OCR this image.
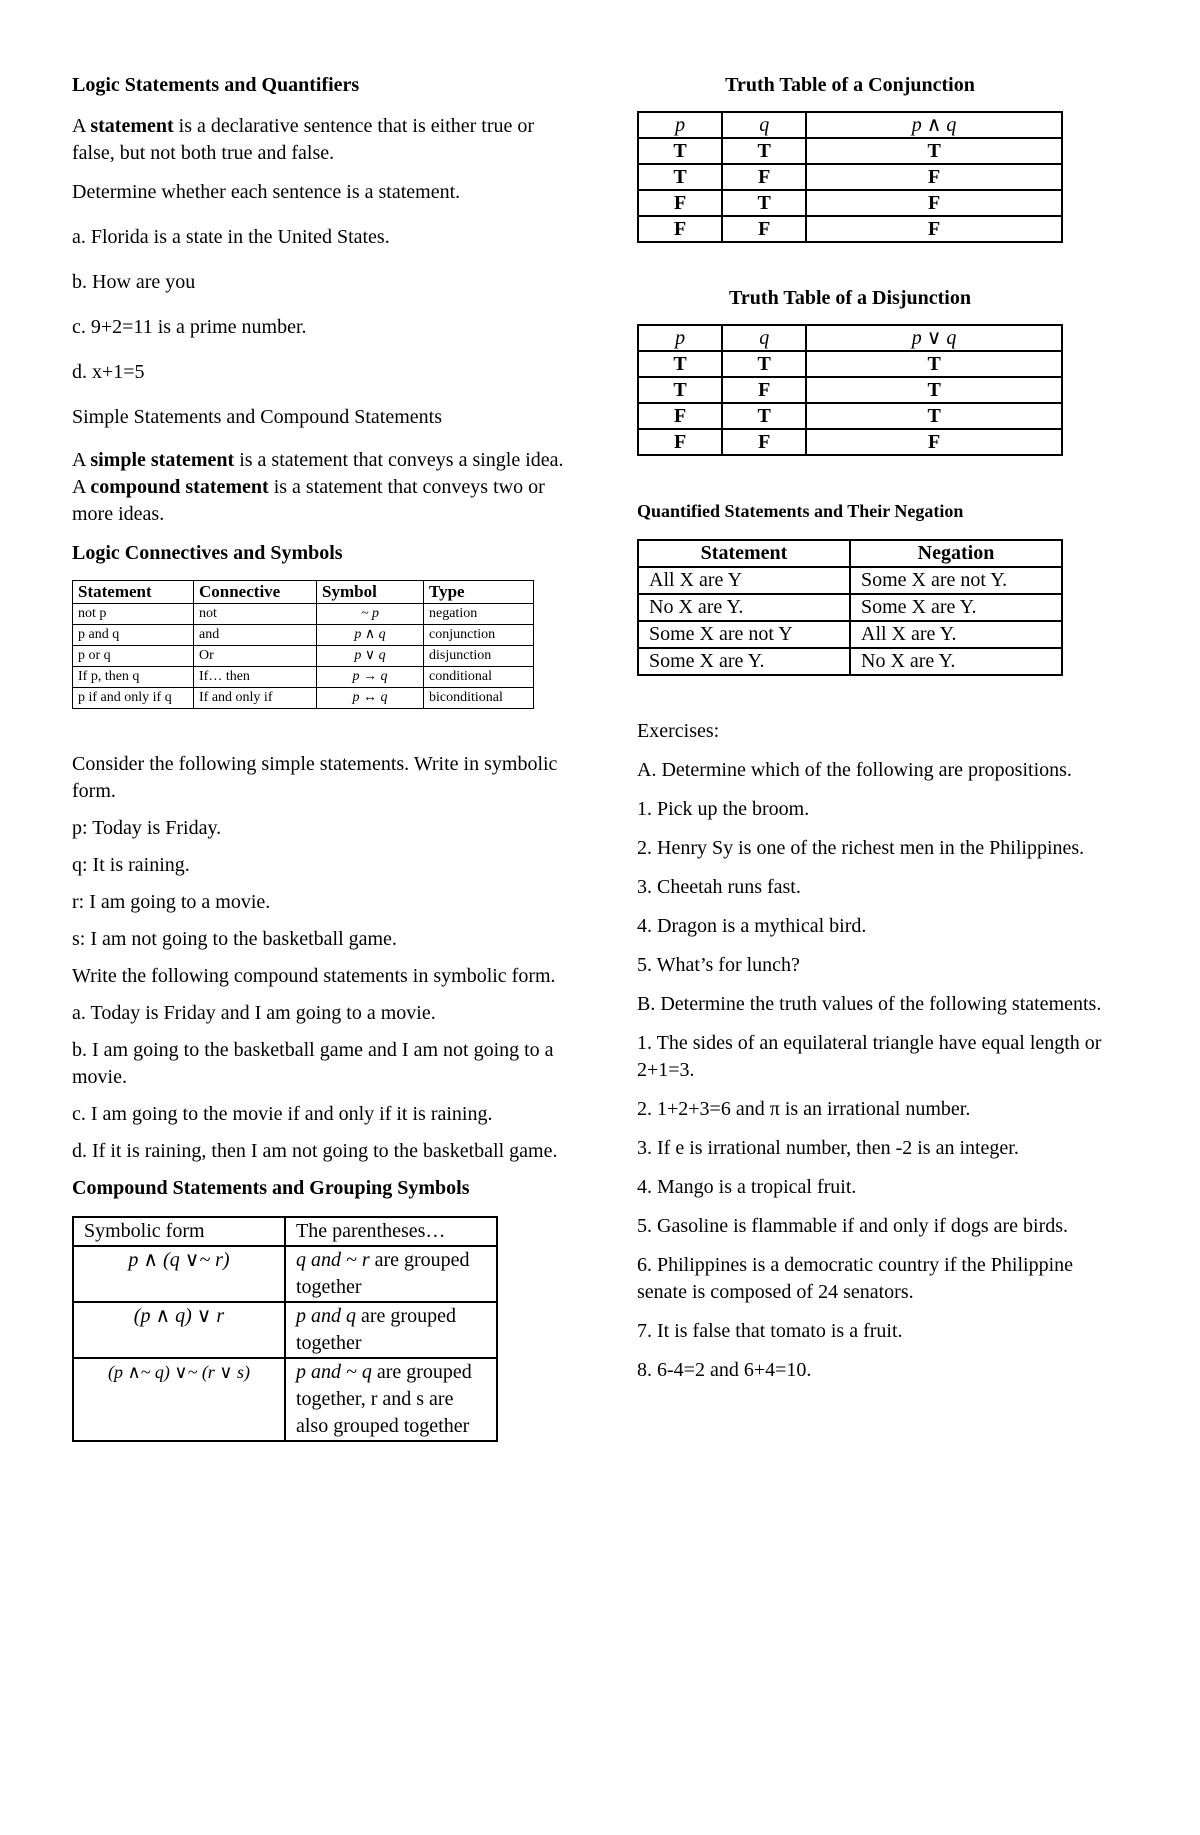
Logic Statements and Quantifiers

A statement is a declarative sentence that is either true or false, but not both true and false.

Determine whether each sentence is a statement.

a. Florida is a state in the United States.

b. How are you

c. 9+2=11 is a prime number.

d. x+1=5

Simple Statements and Compound Statements

A simple statement is a statement that conveys a single idea. A compound statement is a statement that conveys two or more ideas.

Logic Connectives and Symbols

Statement	Connective	Symbol	Type
not p	not	~ p	negation
p and q	and	p ∧ q	conjunction
p or q	Or	p ∨ q	disjunction
If p, then q	If… then	p → q	conditional
p if and only if q	If and only if	p ↔ q	biconditional

Consider the following simple statements. Write in symbolic form.

p: Today is Friday.

q: It is raining.

r: I am going to a movie.

s: I am not going to the basketball game.

Write the following compound statements in symbolic form.

a. Today is Friday and I am going to a movie.

b. I am going to the basketball game and I am not going to a movie.

c. I am going to the movie if and only if it is raining.

d. If it is raining, then I am not going to the basketball game.

Compound Statements and Grouping Symbols

Symbolic form	The parentheses…
p ∧ (q ∨~ r)	q and ~ r are grouped together
(p ∧ q) ∨ r	p and q are grouped together
(p ∧~ q) ∨~ (r ∨ s)	p and ~ q are grouped together, r and s are also grouped together

Truth Table of a Conjunction

p	q	p ∧ q
T	T	T
T	F	F
F	T	F
F	F	F

Truth Table of a Disjunction

p	q	p ∨ q
T	T	T
T	F	T
F	T	T
F	F	F

Quantified Statements and Their Negation

Statement	Negation
All X are Y	Some X are not Y.
No X are Y.	Some X are Y.
Some X are not Y	All X are Y.
Some X are Y.	No X are Y.

Exercises:

A. Determine which of the following are propositions.

1. Pick up the broom.

2. Henry Sy is one of the richest men in the Philippines.

3. Cheetah runs fast.

4. Dragon is a mythical bird.

5. What’s for lunch?

B. Determine the truth values of the following statements.

1. The sides of an equilateral triangle have equal length or 2+1=3.

2. 1+2+3=6 and π is an irrational number.

3. If e is irrational number, then -2 is an integer.

4. Mango is a tropical fruit.

5. Gasoline is flammable if and only if dogs are birds.

6. Philippines is a democratic country if the Philippine senate is composed of 24 senators.

7. It is false that tomato is a fruit.

8. 6-4=2 and 6+4=10.
